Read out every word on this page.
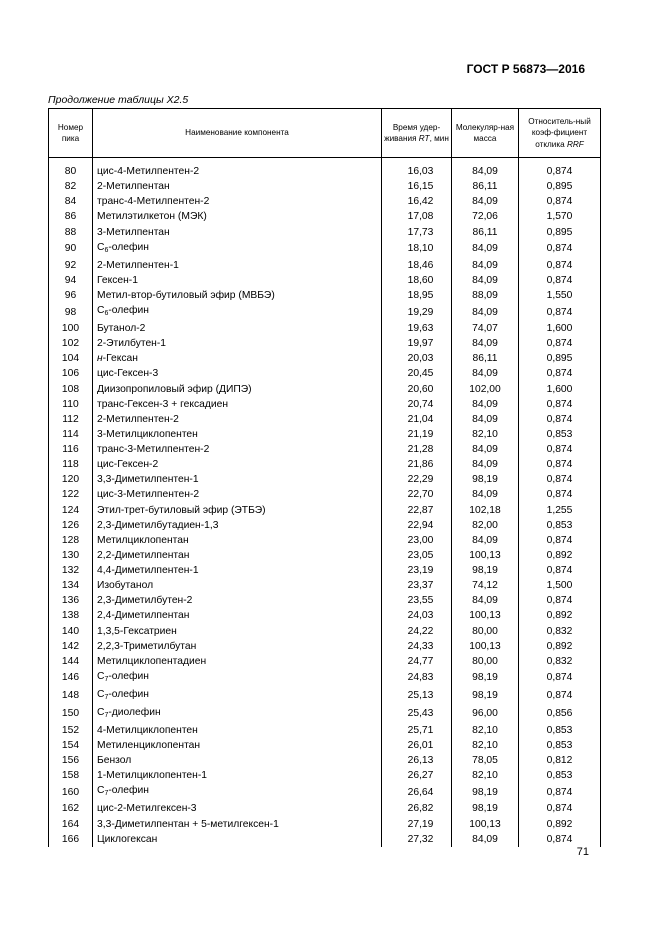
ГОСТ Р 56873—2016
Продолжение таблицы X2.5
Номер пика	Наименование компонента	Время удер-живания RT, мин	Молекуляр-ная масса	Относитель-ный коэф-фициент отклика RRF
80	цис-4-Метилпентен-2	16,03	84,09	0,874
82	2-Метилпентан	16,15	86,11	0,895
84	транс-4-Метилпентен-2	16,42	84,09	0,874
86	Метилэтилкетон (МЭК)	17,08	72,06	1,570
88	3-Метилпентан	17,73	86,11	0,895
90	$C_6$-олефин	18,10	84,09	0,874
92	2-Метилпентен-1	18,46	84,09	0,874
94	Гексен-1	18,60	84,09	0,874
96	Метил-втор-бутиловый эфир (МВБЭ)	18,95	88,09	1,550
98	$C_6$-олефин	19,29	84,09	0,874
100	Бутанол-2	19,63	74,07	1,600
102	2-Этилбутен-1	19,97	84,09	0,874
104	н-Гексан	20,03	86,11	0,895
106	цис-Гексен-3	20,45	84,09	0,874
108	Диизопропиловый эфир (ДИПЭ)	20,60	102,00	1,600
110	транс-Гексен-3 + гексадиен	20,74	84,09	0,874
112	2-Метилпентен-2	21,04	84,09	0,874
114	3-Метилциклопентен	21,19	82,10	0,853
116	транс-3-Метилпентен-2	21,28	84,09	0,874
118	цис-Гексен-2	21,86	84,09	0,874
120	3,3-Диметилпентен-1	22,29	98,19	0,874
122	цис-3-Метилпентен-2	22,70	84,09	0,874
124	Этил-трет-бутиловый эфир (ЭТБЭ)	22,87	102,18	1,255
126	2,3-Диметилбутадиен-1,3	22,94	82,00	0,853
128	Метилциклопентан	23,00	84,09	0,874
130	2,2-Диметилпентан	23,05	100,13	0,892
132	4,4-Диметилпентен-1	23,19	98,19	0,874
134	Изобутанол	23,37	74,12	1,500
136	2,3-Диметилбутен-2	23,55	84,09	0,874
138	2,4-Диметилпентан	24,03	100,13	0,892
140	1,3,5-Гексатриен	24,22	80,00	0,832
142	2,2,3-Триметилбутан	24,33	100,13	0,892
144	Метилциклопентадиен	24,77	80,00	0,832
146	$C_7$-олефин	24,83	98,19	0,874
148	$C_7$-олефин	25,13	98,19	0,874
150	$C_7$-диолефин	25,43	96,00	0,856
152	4-Метилциклопентен	25,71	82,10	0,853
154	Метиленциклопентан	26,01	82,10	0,853
156	Бензол	26,13	78,05	0,812
158	1-Метилциклопентен-1	26,27	82,10	0,853
160	$C_7$-олефин	26,64	98,19	0,874
162	цис-2-Метилгексен-3	26,82	98,19	0,874
164	3,3-Диметилпентан + 5-метилгексен-1	27,19	100,13	0,892
166	Циклогексан	27,32	84,09	0,874
71
